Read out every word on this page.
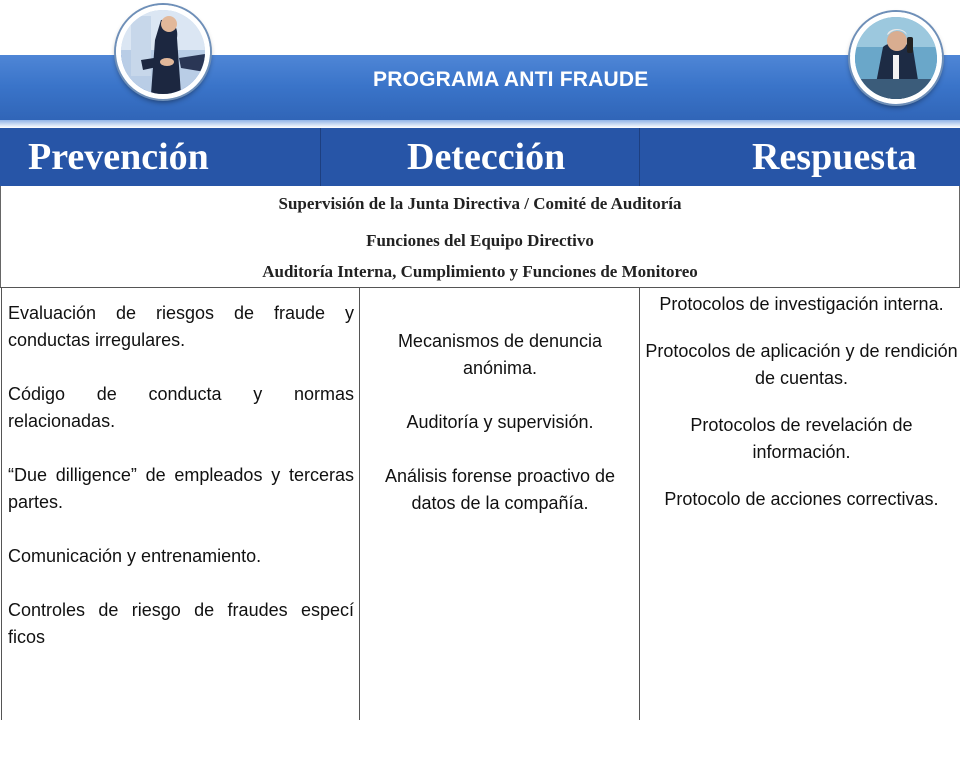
PROGRAMA ANTI FRAUDE
Prevención	Detección	Respuesta
Supervisión de la Junta Directiva / Comité de Auditoría
Funciones del Equipo Directivo
Auditoría Interna, Cumplimiento y Funciones de Monitoreo

Evaluación de riesgos de fraude y conductas irregulares.

Código de conducta y normas relacionadas.

“Due dilligence” de empleados y terceras partes.

Comunicación y entrenamiento.

Controles de riesgo de fraudes especí ficos

Mecanismos de denuncia anónima.

Auditoría y supervisión.

Análisis forense proactivo de datos de la compañía.

Protocolos de investigación interna.

Protocolos de aplicación y de rendición de cuentas.

Protocolos de revelación de información.

Protocolo de acciones correctivas.
